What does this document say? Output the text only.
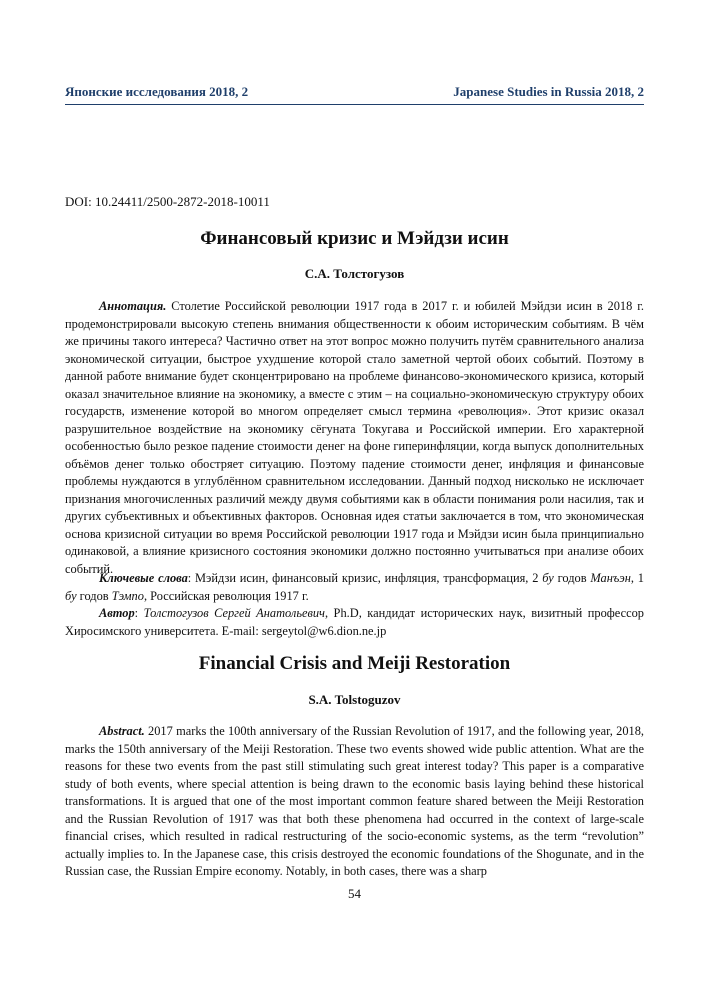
Японские исследования 2018, 2	Japanese Studies in Russia 2018, 2
DOI: 10.24411/2500-2872-2018-10011
Финансовый кризис и Мэйдзи исин
С.А. Толстогузов

Аннотация. Столетие Российской революции 1917 года в 2017 г. и юбилей Мэйдзи исин в 2018 г. продемонстрировали высокую степень внимания общественности к обоим историческим событиям. В чём же причины такого интереса? Частично ответ на этот вопрос можно получить путём сравнительного анализа экономической ситуации, быстрое ухудшение которой стало заметной чертой обоих событий. Поэтому в данной работе внимание будет сконцентрировано на проблеме финансово-экономического кризиса, который оказал значительное влияние на экономику, а вместе с этим – на социально-экономическую структуру обоих государств, изменение которой во многом определяет смысл термина «революция». Этот кризис оказал разрушительное воздействие на экономику сёгуната Токугава и Российской империи. Его характерной особенностью было резкое падение стоимости денег на фоне гиперинфляции, когда выпуск дополнительных объёмов денег только обостряет ситуацию. Поэтому падение стоимости денег, инфляция и финансовые проблемы нуждаются в углублённом сравнительном исследовании. Данный подход нисколько не исключает признания многочисленных различий между двумя событиями как в области понимания роли насилия, так и других субъективных и объективных факторов. Основная идея статьи заключается в том, что экономическая основа кризисной ситуации во время Российской революции 1917 года и Мэйдзи исин была принципиально одинаковой, а влияние кризисного состояния экономики должно постоянно учитываться при анализе обоих событий.

Ключевые слова: Мэйдзи исин, финансовый кризис, инфляция, трансформация, 2 бу годов Манъэн, 1 бу годов Тэмпо, Российская революция 1917 г.

Автор: Толстогузов Сергей Анатольевич, Ph.D, кандидат исторических наук, визитный профессор Хиросимского университета. E-mail: sergeytol@w6.dion.ne.jp

Financial Crisis and Meiji Restoration
S.A. Tolstoguzov

Abstract. 2017 marks the 100th anniversary of the Russian Revolution of 1917, and the following year, 2018, marks the 150th anniversary of the Meiji Restoration. These two events showed wide public attention. What are the reasons for these two events from the past still stimulating such great interest today? This paper is a comparative study of both events, where special attention is being drawn to the economic basis laying behind these historical transformations. It is argued that one of the most important common feature shared between the Meiji Restoration and the Russian Revolution of 1917 was that both these phenomena had occurred in the context of large-scale financial crises, which resulted in radical restructuring of the socio-economic systems, as the term “revolution” actually implies to. In the Japanese case, this crisis destroyed the economic foundations of the Shogunate, and in the Russian case, the Russian Empire economy. Notably, in both cases, there was a sharp

54
